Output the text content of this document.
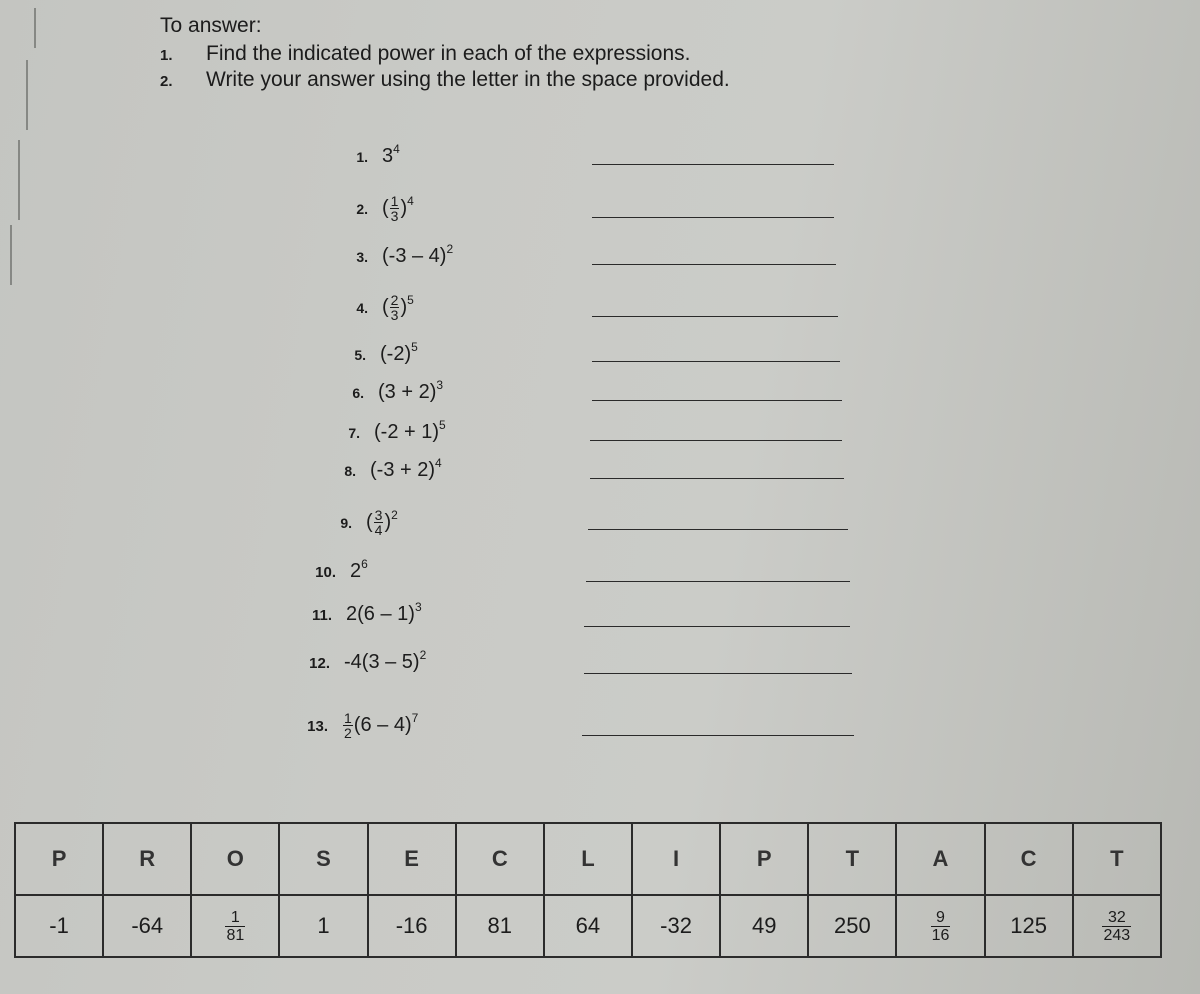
To answer:
1.	Find the indicated power in each of the expressions.
2.	Write your answer using the letter in the space provided.
1. $3^4$
2. ( $\frac{1}{3} )^4$
3. (-3 – 4)$^2$
4. ( $\frac{2}{3} )^5$
5. $(-2)^5$
6. $(3 + 2)^3$
7. $(-2 + 1)^5$
8. $(-3 + 2)^4$
9. ( $\frac{3}{4} )^2$
10. $2^6$
11. 2(6 – 1)$^3$
12. -4(3 – 5)$^2$
13.	$\frac{1}{2} (6 - 4)^7$
P	R	O	S	E	C	L	I	P	T	A	C	T
-1	-64	$\frac{1}{81}$	1	-16	81	64	-32	49	250	$\frac{9}{16}$	125	$\frac{32}{243}$
